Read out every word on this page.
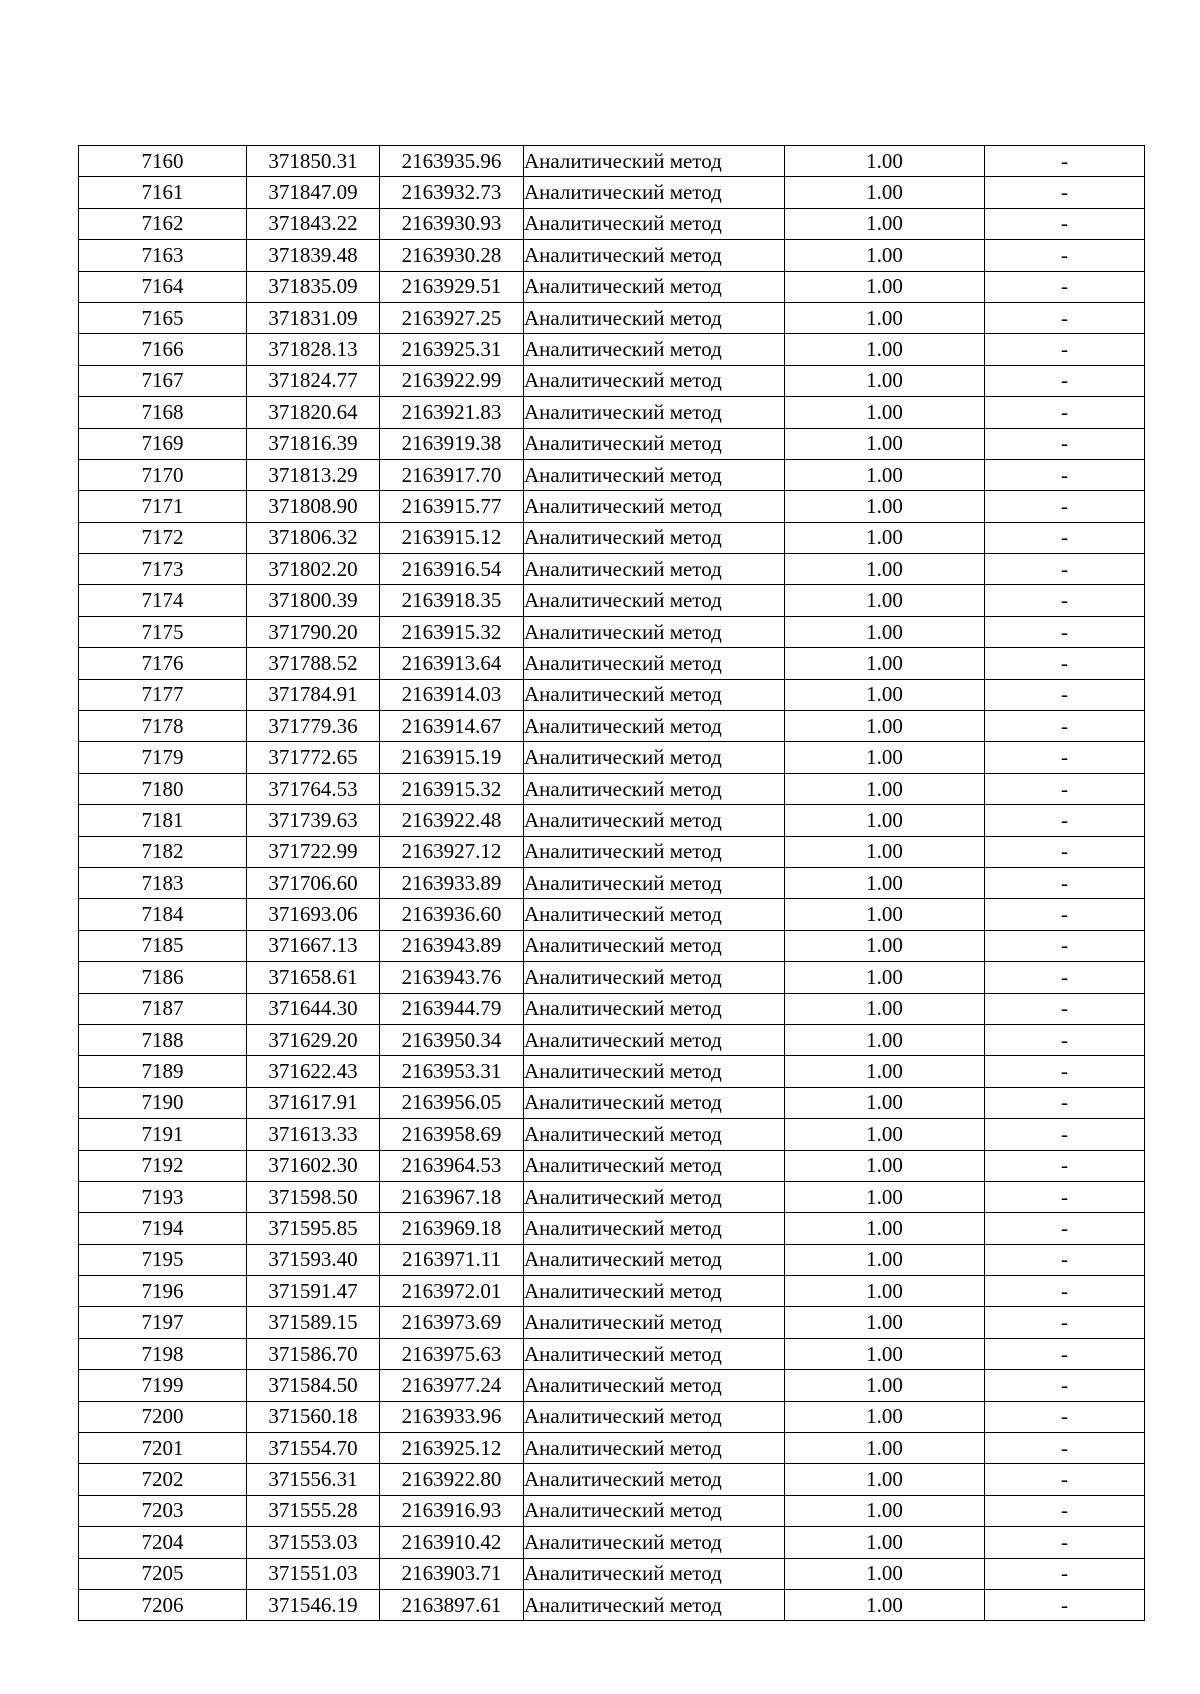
7160	371850.31	2163935.96	Аналитический метод	1.00	-
7161	371847.09	2163932.73	Аналитический метод	1.00	-
7162	371843.22	2163930.93	Аналитический метод	1.00	-
7163	371839.48	2163930.28	Аналитический метод	1.00	-
7164	371835.09	2163929.51	Аналитический метод	1.00	-
7165	371831.09	2163927.25	Аналитический метод	1.00	-
7166	371828.13	2163925.31	Аналитический метод	1.00	-
7167	371824.77	2163922.99	Аналитический метод	1.00	-
7168	371820.64	2163921.83	Аналитический метод	1.00	-
7169	371816.39	2163919.38	Аналитический метод	1.00	-
7170	371813.29	2163917.70	Аналитический метод	1.00	-
7171	371808.90	2163915.77	Аналитический метод	1.00	-
7172	371806.32	2163915.12	Аналитический метод	1.00	-
7173	371802.20	2163916.54	Аналитический метод	1.00	-
7174	371800.39	2163918.35	Аналитический метод	1.00	-
7175	371790.20	2163915.32	Аналитический метод	1.00	-
7176	371788.52	2163913.64	Аналитический метод	1.00	-
7177	371784.91	2163914.03	Аналитический метод	1.00	-
7178	371779.36	2163914.67	Аналитический метод	1.00	-
7179	371772.65	2163915.19	Аналитический метод	1.00	-
7180	371764.53	2163915.32	Аналитический метод	1.00	-
7181	371739.63	2163922.48	Аналитический метод	1.00	-
7182	371722.99	2163927.12	Аналитический метод	1.00	-
7183	371706.60	2163933.89	Аналитический метод	1.00	-
7184	371693.06	2163936.60	Аналитический метод	1.00	-
7185	371667.13	2163943.89	Аналитический метод	1.00	-
7186	371658.61	2163943.76	Аналитический метод	1.00	-
7187	371644.30	2163944.79	Аналитический метод	1.00	-
7188	371629.20	2163950.34	Аналитический метод	1.00	-
7189	371622.43	2163953.31	Аналитический метод	1.00	-
7190	371617.91	2163956.05	Аналитический метод	1.00	-
7191	371613.33	2163958.69	Аналитический метод	1.00	-
7192	371602.30	2163964.53	Аналитический метод	1.00	-
7193	371598.50	2163967.18	Аналитический метод	1.00	-
7194	371595.85	2163969.18	Аналитический метод	1.00	-
7195	371593.40	2163971.11	Аналитический метод	1.00	-
7196	371591.47	2163972.01	Аналитический метод	1.00	-
7197	371589.15	2163973.69	Аналитический метод	1.00	-
7198	371586.70	2163975.63	Аналитический метод	1.00	-
7199	371584.50	2163977.24	Аналитический метод	1.00	-
7200	371560.18	2163933.96	Аналитический метод	1.00	-
7201	371554.70	2163925.12	Аналитический метод	1.00	-
7202	371556.31	2163922.80	Аналитический метод	1.00	-
7203	371555.28	2163916.93	Аналитический метод	1.00	-
7204	371553.03	2163910.42	Аналитический метод	1.00	-
7205	371551.03	2163903.71	Аналитический метод	1.00	-
7206	371546.19	2163897.61	Аналитический метод	1.00	-
